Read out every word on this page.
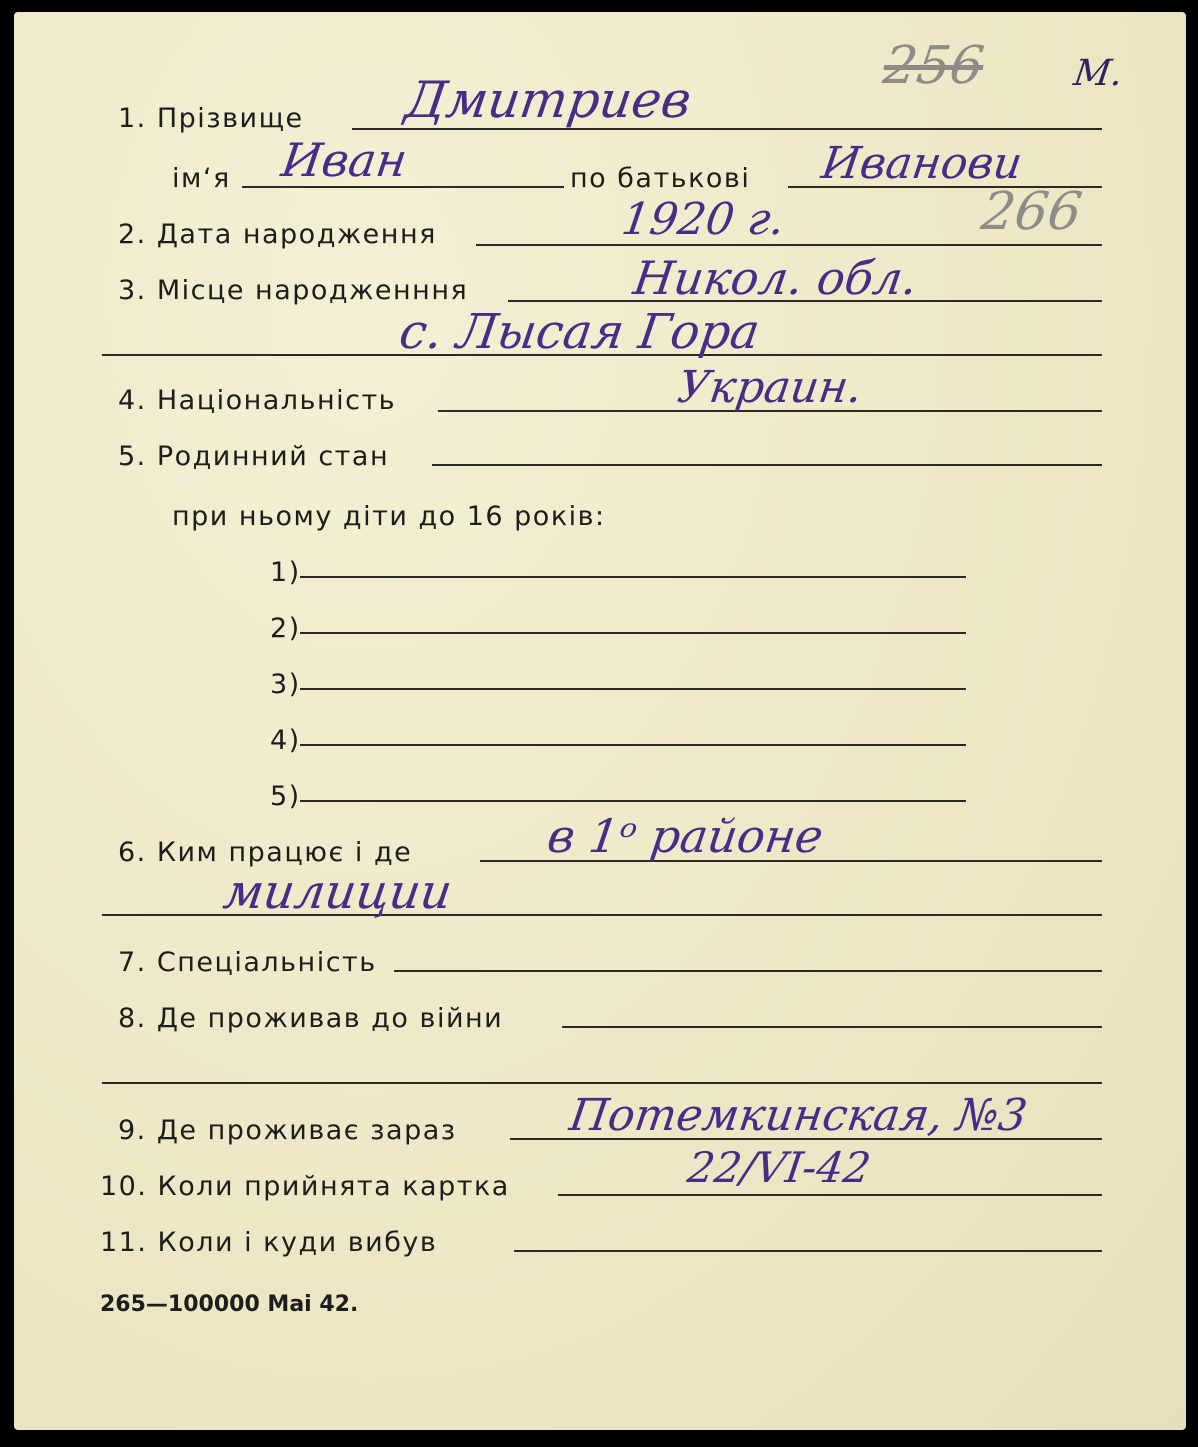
256 М.
1. Прізвище Дмитриев
ім‘я Иван	по батькові Иванови
2. Дата народження	1920 г.	266
3. Місце народженння	Никол. обл.
с. Лысая Гора
4. Національність	Украин.
5. Родинний стан
при ньому діти до 16 років:
1)
2)
3)
4)
5)
6. Ким працює і де	в 1ᵒ районе
милиции
7. Спеціальність
8. Де проживав до війни
9. Де проживає зараз Потемкинская, №3
10. Коли прийнята картка	22/VI-42
11. Коли і куди вибув
265—100000 Mai 42.
